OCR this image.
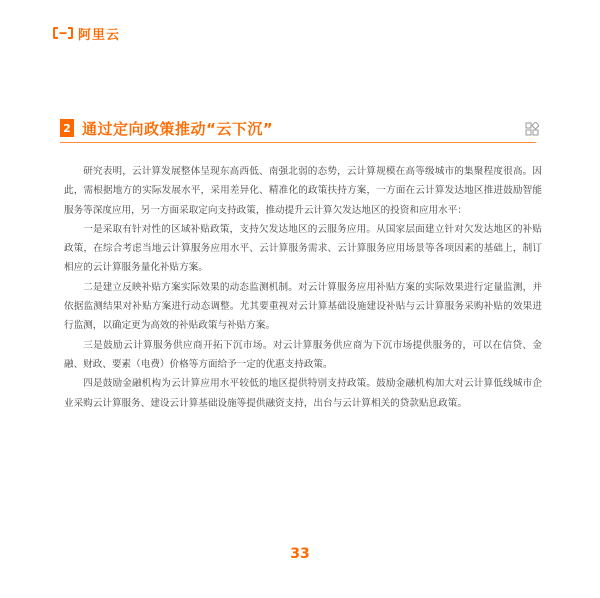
阿里云
2 通过定向政策推动“云下沉”

研究表明，云计算发展整体呈现东高西低、南强北弱的态势，云计算规模在高等级城市的集聚程度很高。因此，需根据地方的实际发展水平，采用差异化、精准化的政策扶持方案，一方面在云计算发达地区推进鼓励智能服务等深度应用，另一方面采取定向支持政策，推动提升云计算欠发达地区的投资和应用水平：

一是采取有针对性的区域补贴政策，支持欠发达地区的云服务应用。从国家层面建立针对欠发达地区的补贴政策，在综合考虑当地云计算服务应用水平、云计算服务需求、云计算服务应用场景等各项因素的基础上，制订相应的云计算服务量化补贴方案。

二是建立反映补贴方案实际效果的动态监测机制。对云计算服务应用补贴方案的实际效果进行定量监测，并依据监测结果对补贴方案进行动态调整。尤其要重视对云计算基础设施建设补贴与云计算服务采购补贴的效果进行监测，以确定更为高效的补贴政策与补贴方案。

三是鼓励云计算服务供应商开拓下沉市场。对云计算服务供应商为下沉市场提供服务的，可以在信贷、金融、财政、要素（电费）价格等方面给予一定的优惠支持政策。

四是鼓励金融机构为云计算应用水平较低的地区提供特别支持政策。鼓励金融机构加大对云计算低线城市企业采购云计算服务、建设云计算基础设施等提供融资支持，出台与云计算相关的贷款贴息政策。

33
